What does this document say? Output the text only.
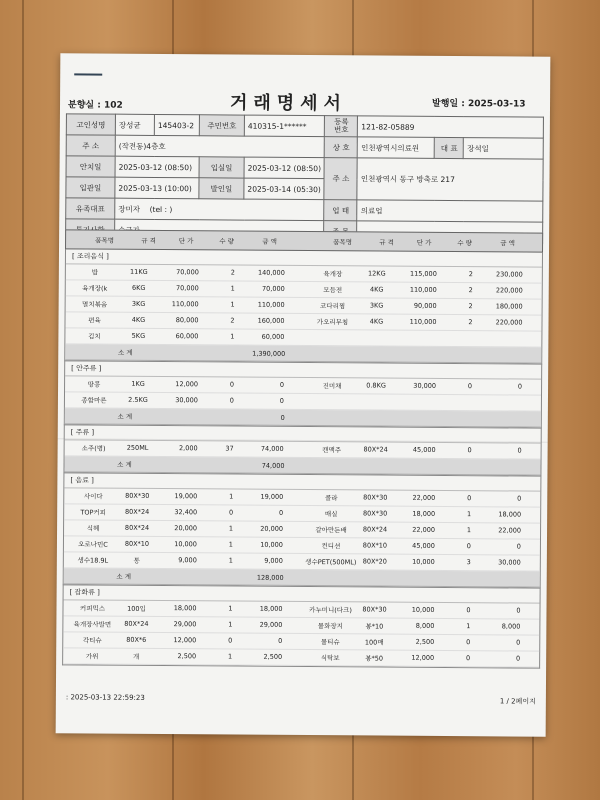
분향실 : 102	거래명세서	발행일 : 2025-03-13
고인성명	장성균	145403-2	주민번호	410315-1******	등록
번호	121-82-05889		
주 소	(작전동)4층호				상 호	인천광역시의료원	대 표	장석일
안치일	2025-03-12 (08:50)		입실일	2025-03-12 (08:50)	주 소	인천광역시 동구 방축로 217		
입관일	2025-03-13 (10:00)		발인일	2025-03-14 (05:30)				
유족대표	장미자 (tel : )				업 태	의료업		

품목명	규 격	단 가	수 량	금 액	품목명	규 격	단 가	수 량	금 액
[ 조리음식 ]
밥	11KG	70,000	2	140,000	육개장	12KG	115,000	2	230,000
육개장(k	6KG	70,000	1	70,000	모듬전	4KG	110,000	2	220,000
멸치볶음	3KG	110,000	1	110,000	코다리찜	3KG	90,000	2	180,000
편육	4KG	80,000	2	160,000	가오리무침	4KG	110,000	2	220,000
김치	5KG	60,000	1	60,000
소 계	1,390,000
[ 안주류 ]
땅콩	1KG	12,000	0	0	진미채	0.8KG	30,000	0	0
종합마른	2.5KG	30,000	0	0
소 계	0
[ 주류 ]
소주(병)	250ML	2,000	37	74,000	캔맥주	80X*24	45,000	0	0
소 계	74,000
[ 음료 ]
사이다	80X*30	19,000	1	19,000	콜라	80X*30	22,000	0	0
TOP커피	80X*24	32,400	0	0	매실	80X*30	18,000	1	18,000
식혜	80X*24	20,000	1	20,000	갈아만든배	80X*24	22,000	1	22,000
오로나민C	80X*10	10,000	1	10,000	컨디션	80X*10	45,000	0	0
생수18.9L	통	9,000	1	9,000	생수PET(500ML) 80X*20	10,000	3	30,000
소 계	128,000
[ 잡화류 ]
커피믹스	100입	18,000	1	18,000	카누미니(다크)	80X*30	10,000	0	0
육개장사발면	80X*24	29,000	1	29,000	물화장지	봉*10	8,000	1	8,000
각티슈	80X*6	12,000	0	0	물티슈	100매	2,500	0	0
가위	개	2,500	1	2,500	식탁보	봉*50	12,000	0	0
: 2025-03-13 22:59:23	1 / 2페이지
